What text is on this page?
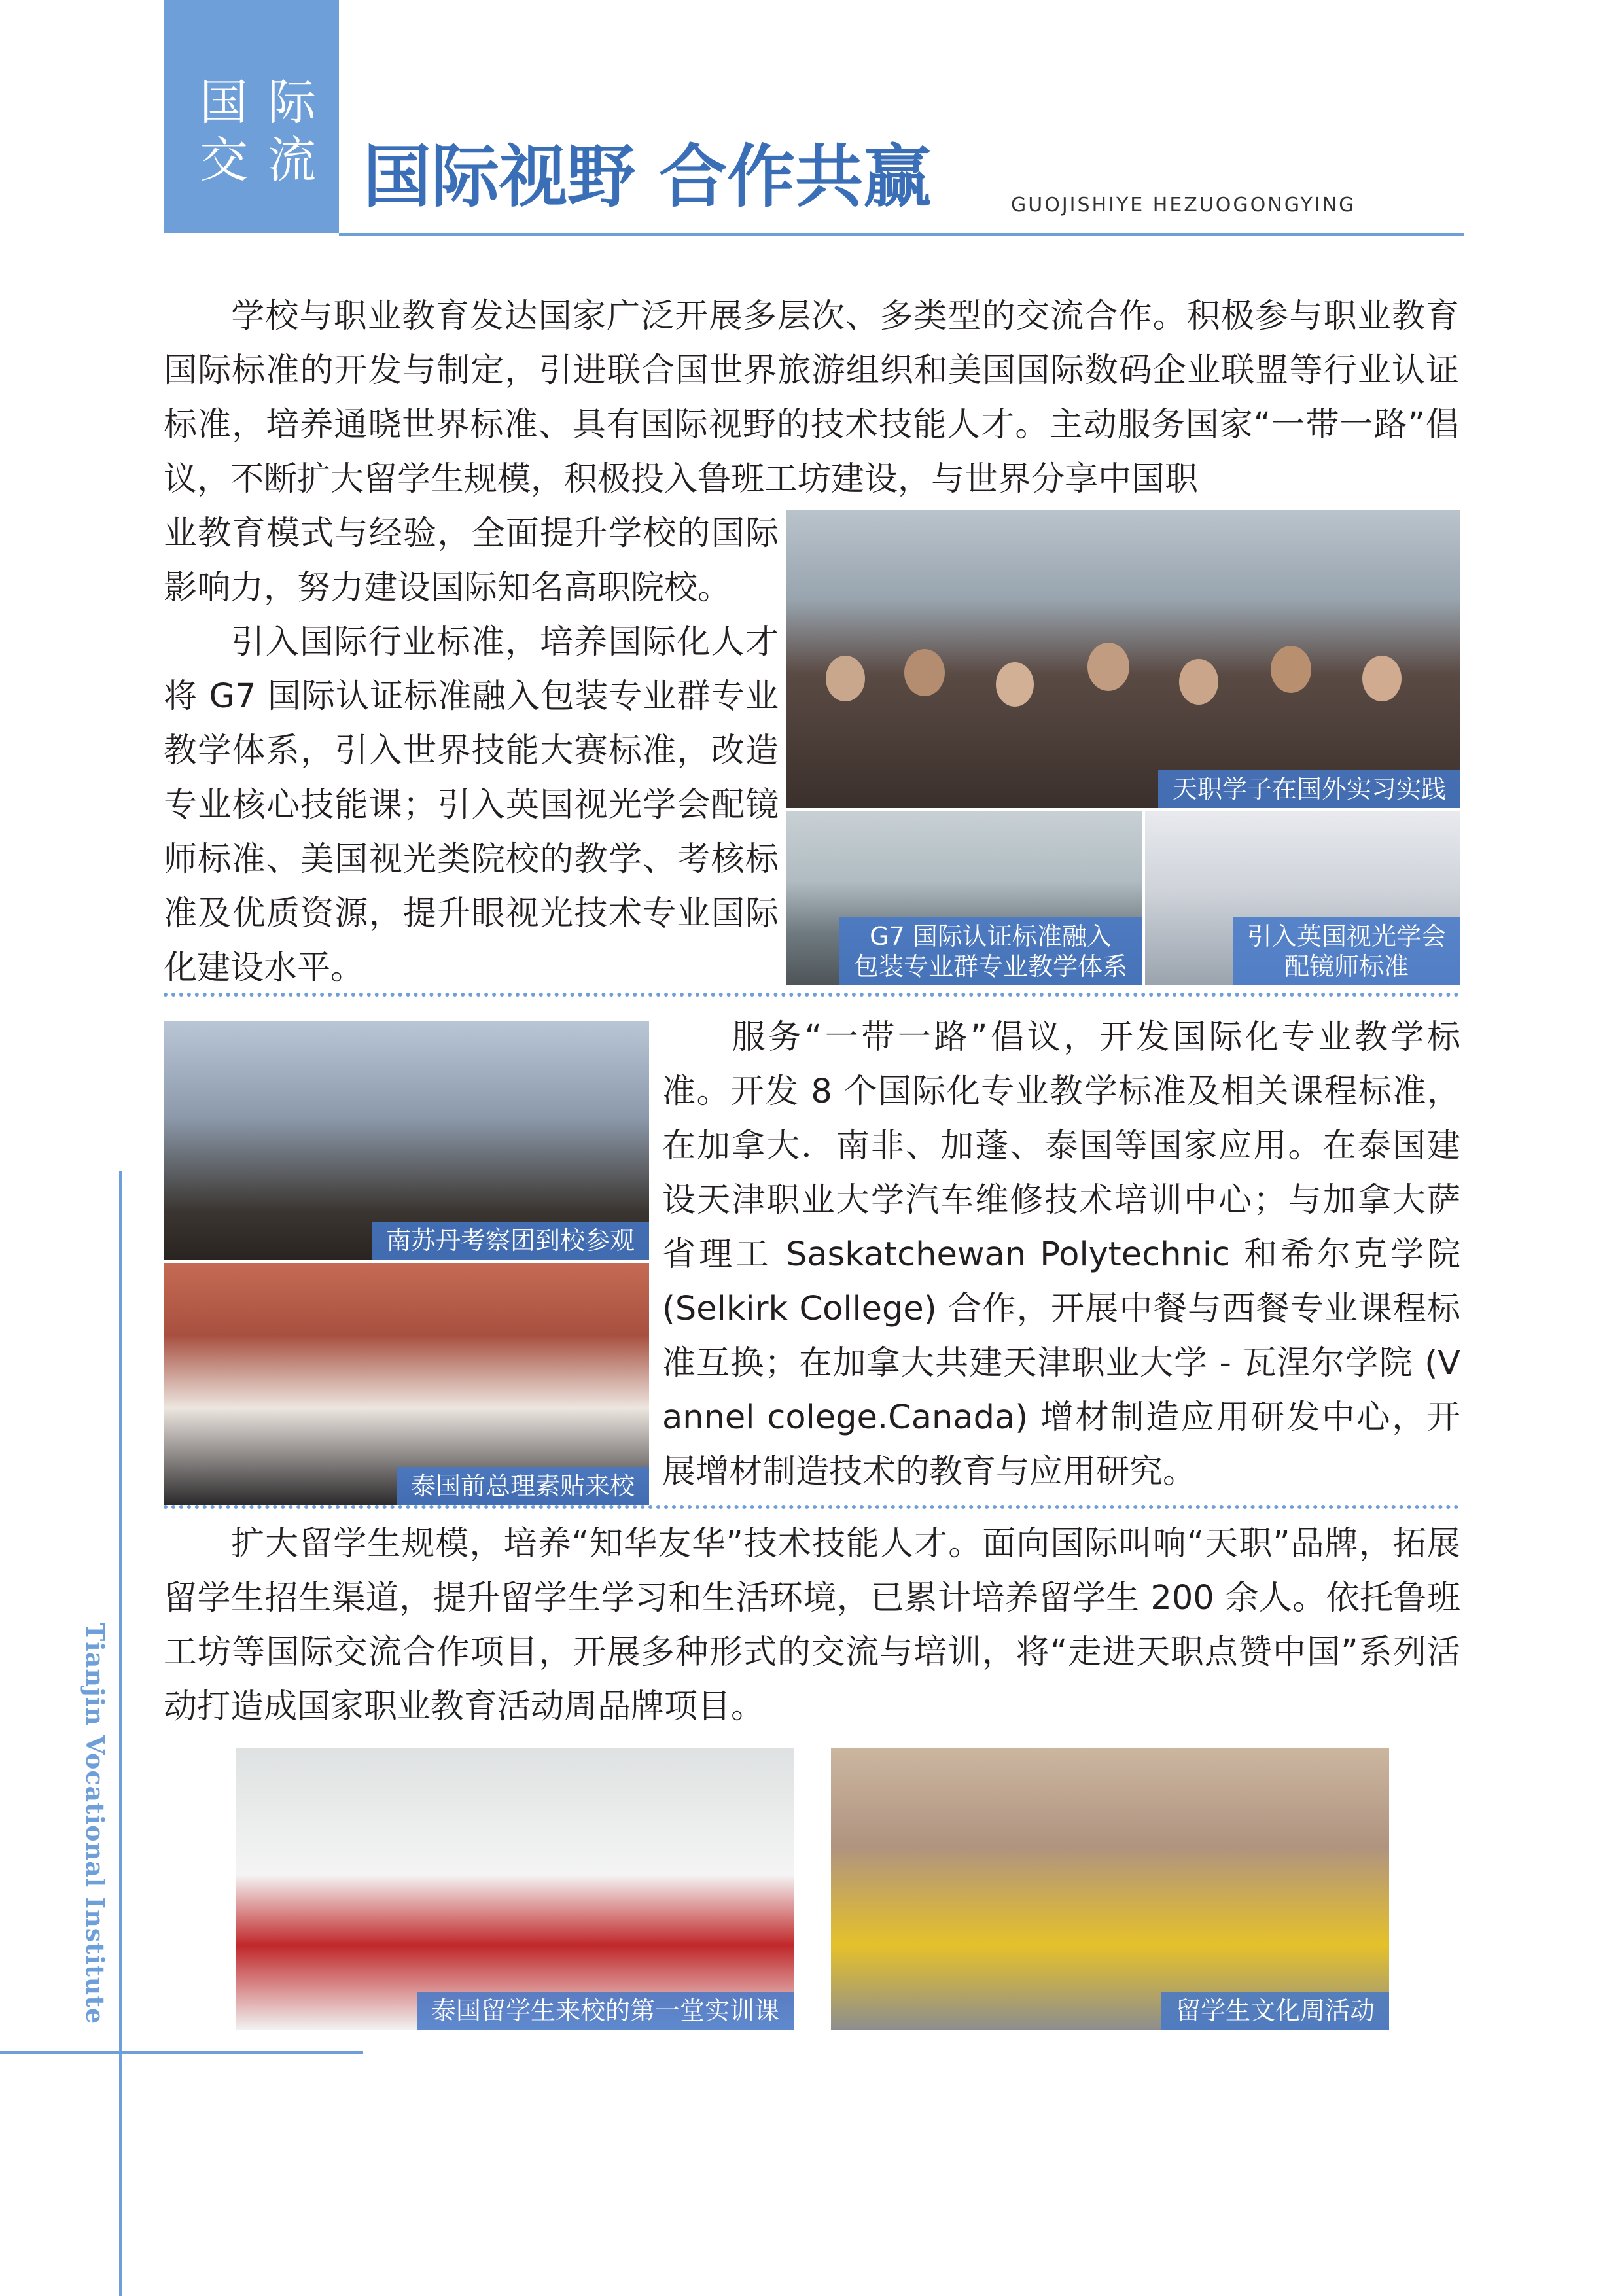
国际
交流 国际视野 合作共赢	GUOJISHIYE HEZUOGONGYING
Tianjin Vocational Institute
学校与职业教育发达国家广泛开展多层次、多类型的交流合作。积极参与职业教育国际标准的开发与制定，引进联合国世界旅游组织和美国国际数码企业联盟等行业认证标准，培养通晓世界标准、具有国际视野的技术技能人才。主动服务国家“一带一路”倡议，不断扩大留学生规模，积极投入鲁班工坊建设，与世界分享中国职
业教育模式与经验，全面提升学校的国际影响力，努力建设国际知名高职院校。
引入国际行业标准，培养国际化人才将 G7 国际认证标准融入包装专业群专业教学体系，引入世界技能大赛标准，改造专业核心技能课；引入英国视光学会配镜师标准、美国视光类院校的教学、考核标准及优质资源，提升眼视光技术专业国际化建设水平。
天职学子在国外实习实践
G7 国际认证标准融入
包装专业群专业教学体系
引入英国视光学会
配镜师标准
南苏丹考察团到校参观
泰国前总理素贴来校
服务“一带一路”倡议，开发国际化专业教学标准。开发 8 个国际化专业教学标准及相关课程标准，在加拿大．南非、加蓬、泰国等国家应用。在泰国建设天津职业大学汽车维修技术培训中心；与加拿大萨省理工 Saskatchewan Polytechnic 和希尔克学院 (Selkirk College) 合作，开展中餐与西餐专业课程标准互换；在加拿大共建天津职业大学 - 瓦涅尔学院 (Vannel colege.Canada) 增材制造应用研发中心，开展增材制造技术的教育与应用研究。
扩大留学生规模，培养“知华友华”技术技能人才。面向国际叫响“天职”品牌，拓展留学生招生渠道，提升留学生学习和生活环境，已累计培养留学生 200 余人。依托鲁班工坊等国际交流合作项目，开展多种形式的交流与培训，将“走进天职点赞中国”系列活动打造成国家职业教育活动周品牌项目。
泰国留学生来校的第一堂实训课	留学生文化周活动
